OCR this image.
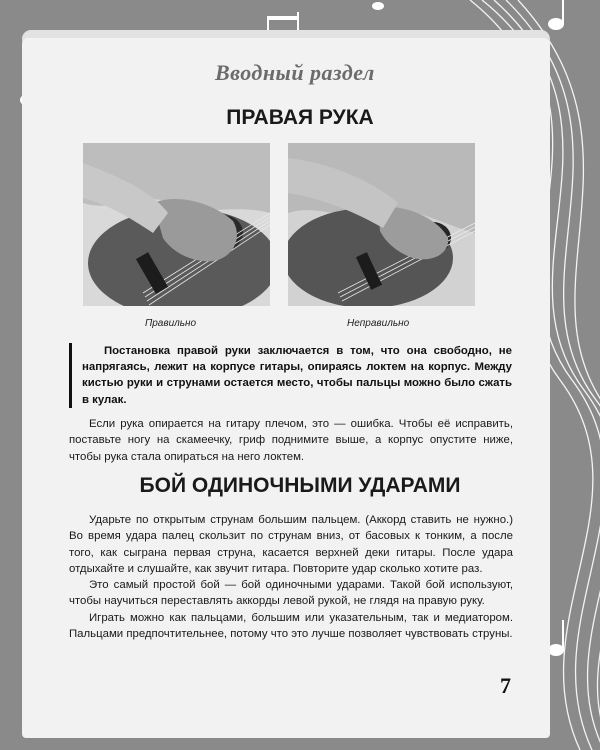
Вводный раздел
ПРАВАЯ РУКА
Правильно	Неправильно
Постановка правой руки заключается в том, что она свободно, не напрягаясь, лежит на корпусе гитары, опираясь локтем на корпус. Между кистью руки и струнами остается место, чтобы пальцы можно было сжать в кулак.

Если рука опирается на гитару плечом, это — ошибка. Чтобы её исправить, поставьте ногу на скамеечку, гриф поднимите выше, а корпус опустите ниже, чтобы рука стала опираться на него локтем.

БОЙ ОДИНОЧНЫМИ УДАРАМИ

Ударьте по открытым струнам большим пальцем. (Аккорд ставить не нужно.) Во время удара палец скользит по струнам вниз, от басовых к тонким, а после того, как сыграна первая струна, касается верхней деки гитары. После удара отдыхайте и слушайте, как звучит гитара. Повторите удар сколько хотите раз.

Это самый простой бой — бой одиночными ударами. Такой бой используют, чтобы научиться переставлять аккорды левой рукой, не глядя на правую руку.

Играть можно как пальцами, большим или указательным, так и медиатором. Пальцами предпочтительнее, потому что это лучше позволяет чувствовать струны.

7
